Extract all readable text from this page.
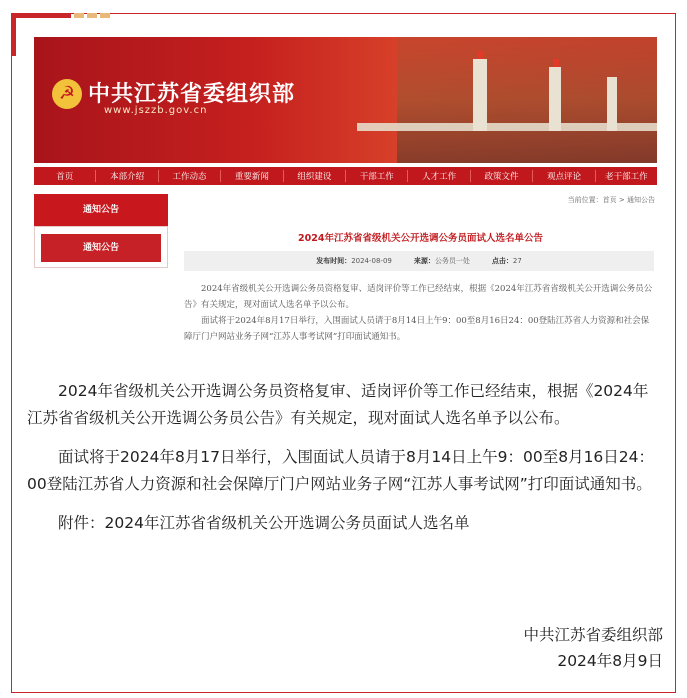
☭ 中共江苏省委组织部
www.jszzb.gov.cn
首页	本部介绍	工作动态	重要新闻	组织建设	干部工作	人才工作	政策文件	观点评论	老干部工作
通知公告
通知公告
当前位置：首页 > 通知公告
2024年江苏省省级机关公开选调公务员面试人选名单公告
发布时间：2024-08-09	来源：公务员一处	点击：27

2024年省级机关公开选调公务员资格复审、适岗评价等工作已经结束，根据《2024年江苏省省级机关公开选调公务员公告》有关规定，现对面试人选名单予以公布。

面试将于2024年8月17日举行，入围面试人员请于8月14日上午9：00至8月16日24：00登陆江苏省人力资源和社会保障厅门户网站业务子网“江苏人事考试网”打印面试通知书。

2024年省级机关公开选调公务员资格复审、适岗评价等工作已经结束，根据《2024年江苏省省级机关公开选调公务员公告》有关规定，现对面试人选名单予以公布。

面试将于2024年8月17日举行，入围面试人员请于8月14日上午9：00至8月16日24：00登陆江苏省人力资源和社会保障厅门户网站业务子网“江苏人事考试网”打印面试通知书。

附件：2024年江苏省省级机关公开选调公务员面试人选名单

中共江苏省委组织部
2024年8月9日
